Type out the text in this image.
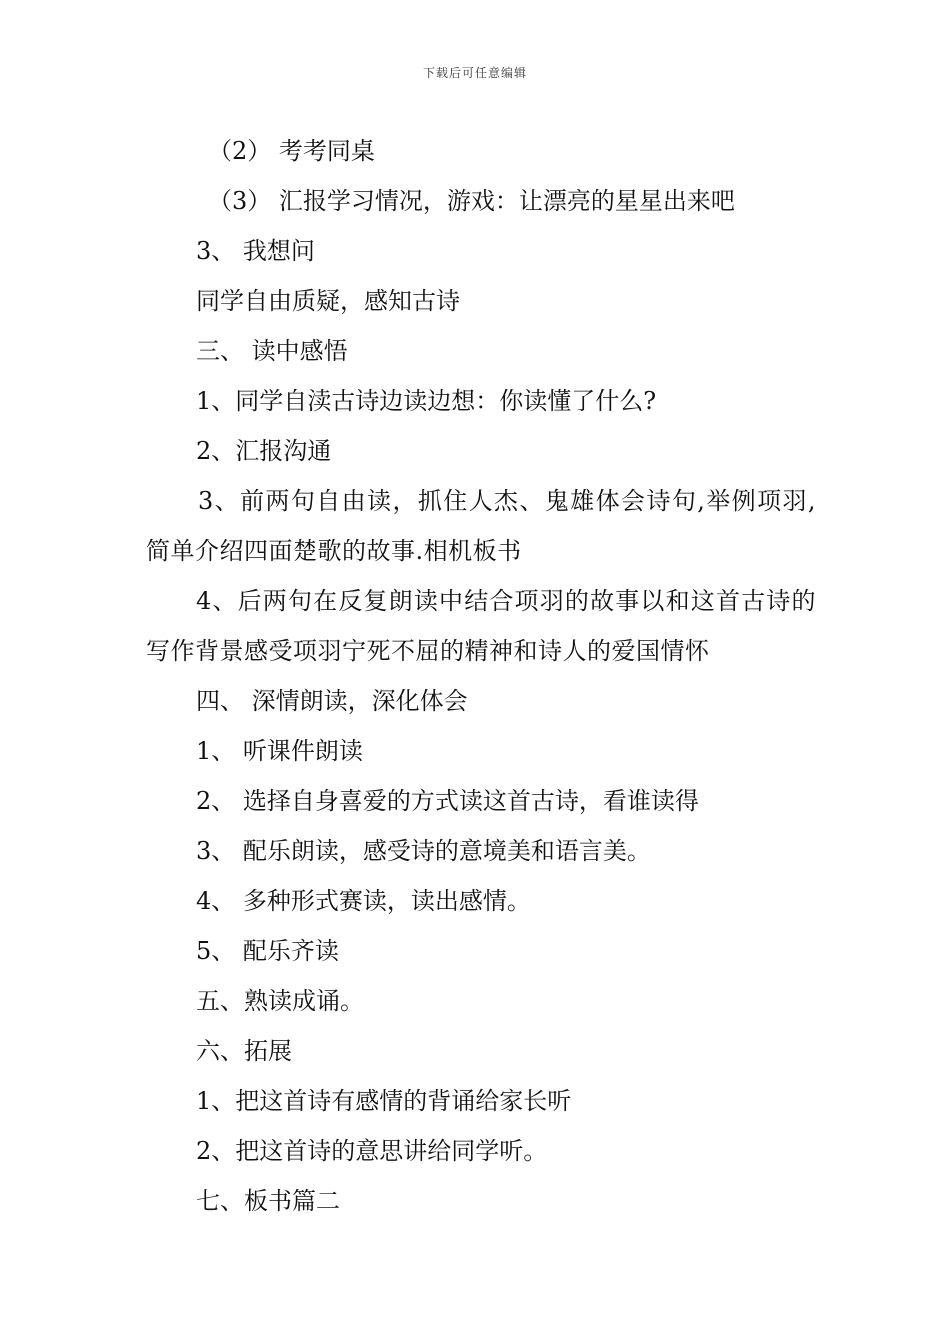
下载后可任意编辑
（2） 考考同桌
（3） 汇报学习情况，游戏：让漂亮的星星出来吧
3、 我想问
同学自由质疑，感知古诗
三、 读中感悟
1、同学自渎古诗边读边想：你读懂了什么?
2、汇报沟通
3、前两句自由读，抓住人杰、鬼雄体会诗句,举例项羽,简单介绍四面楚歌的故事.相机板书
4、后两句在反复朗读中结合项羽的故事以和这首古诗的写作背景感受项羽宁死不屈的精神和诗人的爱国情怀
四、 深情朗读，深化体会
1、 听课件朗读
2、 选择自身喜爱的方式读这首古诗，看谁读得
3、 配乐朗读，感受诗的意境美和语言美。
4、 多种形式赛读，读出感情。
5、 配乐齐读
五、熟读成诵。
六、拓展
1、把这首诗有感情的背诵给家长听
2、把这首诗的意思讲给同学听。
七、板书篇二
